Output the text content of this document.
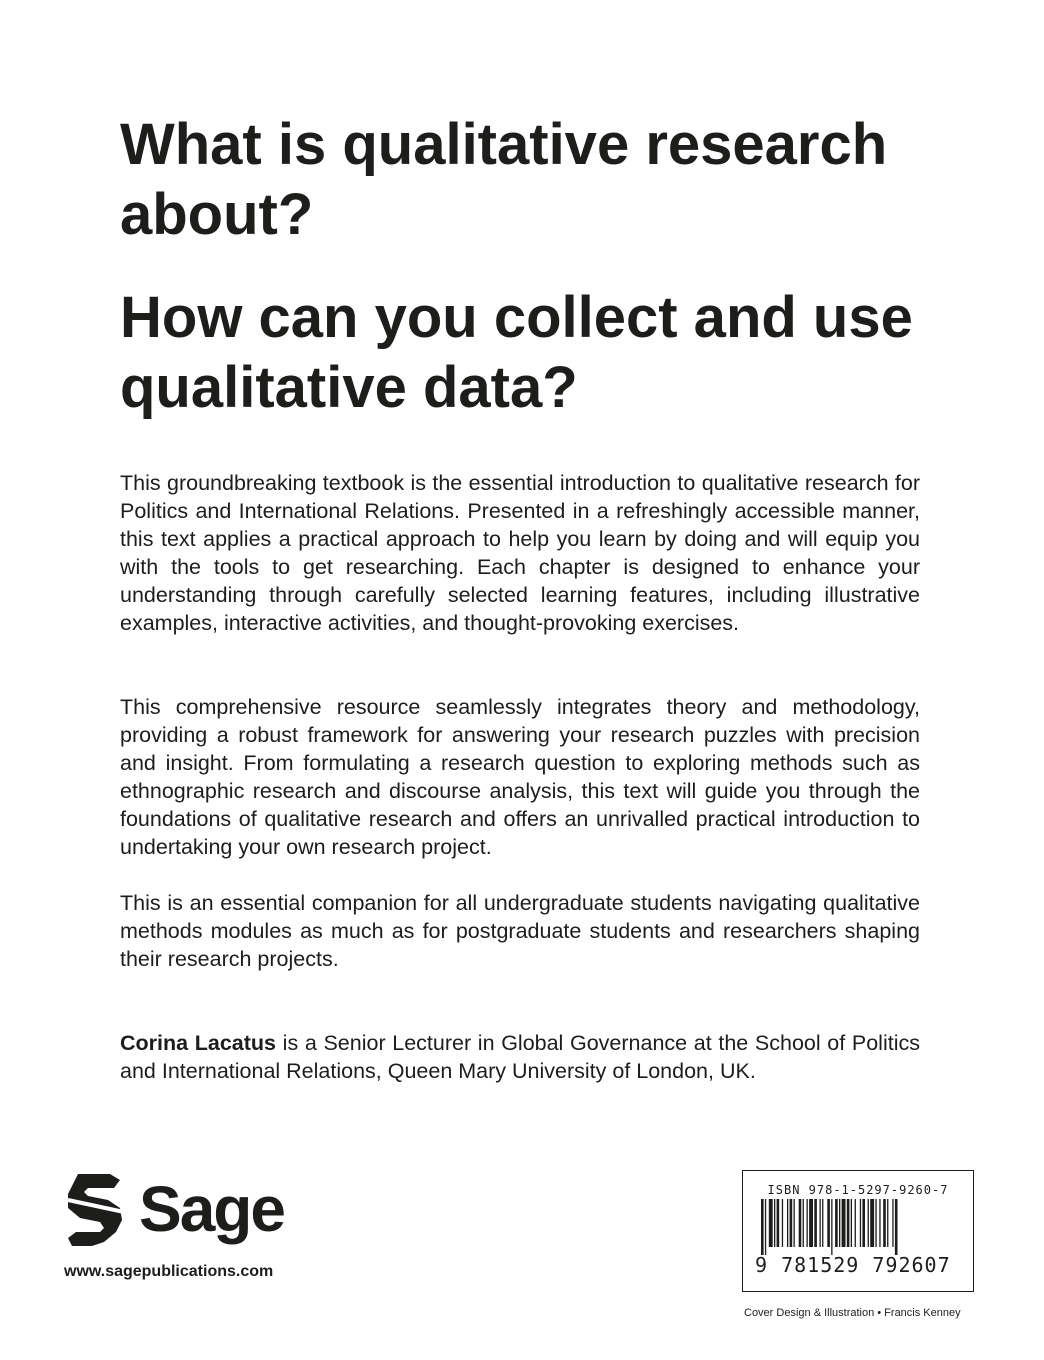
What is qualitative research about?
How can you collect and use qualitative data?

This groundbreaking textbook is the essential introduction to qualitative research for Politics and International Relations. Presented in a refreshingly accessible manner, this text applies a practical approach to help you learn by doing and will equip you with the tools to get researching. Each chapter is designed to enhance your understanding through carefully selected learning features, including illustrative examples, interactive activities, and thought-provoking exercises.

This comprehensive resource seamlessly integrates theory and methodology, providing a robust framework for answering your research puzzles with precision and insight. From formulating a research question to exploring methods such as ethnographic research and discourse analysis, this text will guide you through the foundations of qualitative research and offers an unrivalled practical introduction to undertaking your own research project.

This is an essential companion for all undergraduate students navigating qualitative methods modules as much as for postgraduate students and researchers shaping their research projects.

Corina Lacatus is a Senior Lecturer in Global Governance at the School of Politics and International Relations, Queen Mary University of London, UK.

Sage
www.sagepublications.com
ISBN 978-1-5297-9260-7
9 781529 792607
Cover Design & Illustration • Francis Kenney
